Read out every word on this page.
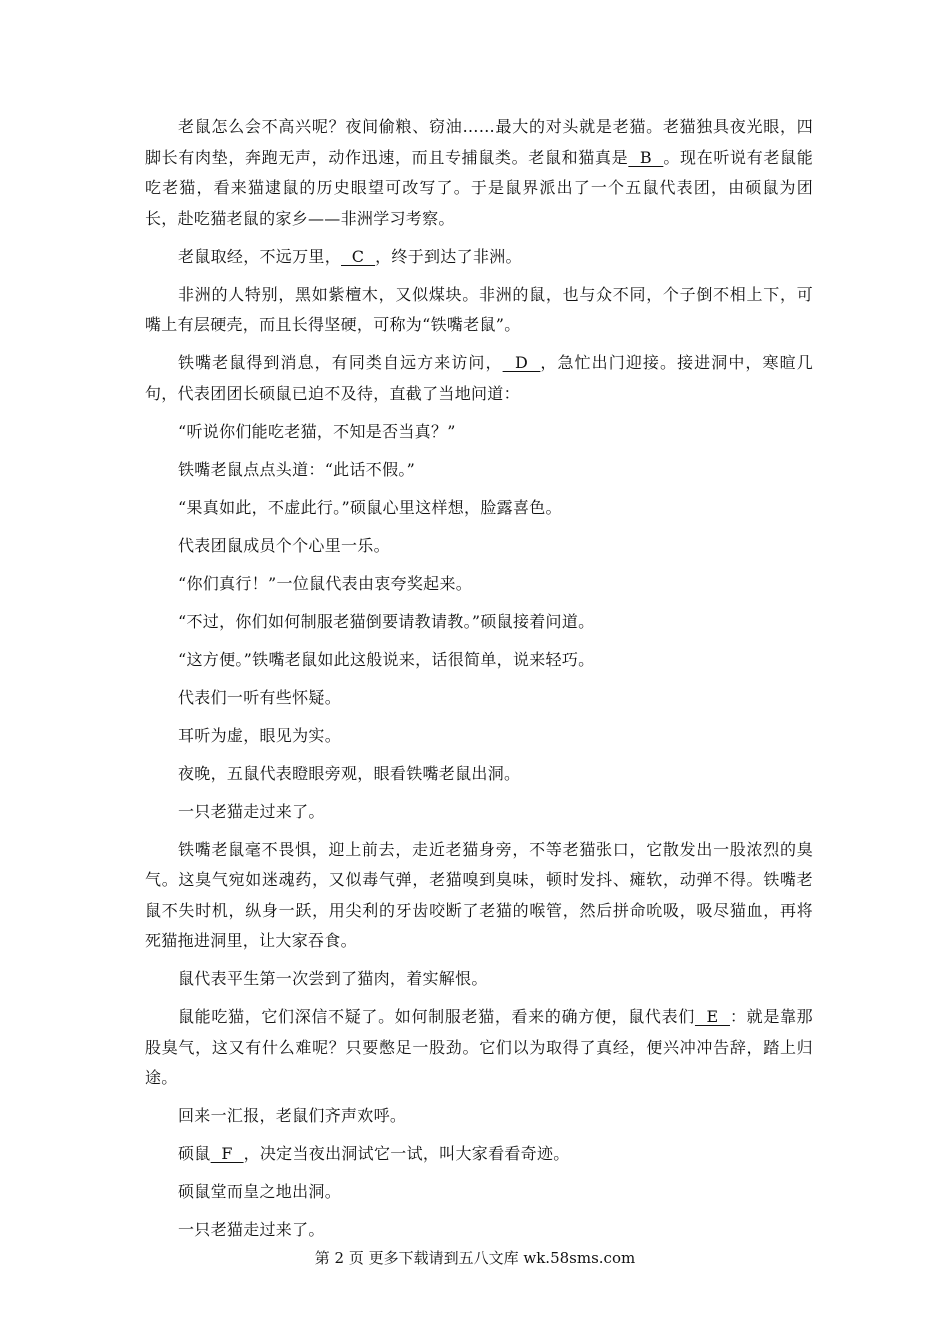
老鼠怎么会不高兴呢？夜间偷粮、窃油……最大的对头就是老猫。老猫独具夜光眼，四脚长有肉垫，奔跑无声，动作迅速，而且专捕鼠类。老鼠和猫真是  B  。现在听说有老鼠能吃老猫，看来猫逮鼠的历史眼望可改写了。于是鼠界派出了一个五鼠代表团，由硕鼠为团长，赴吃猫老鼠的家乡——非洲学习考察。

老鼠取经，不远万里，  C  ，终于到达了非洲。

非洲的人特别，黑如紫檀木，又似煤块。非洲的鼠，也与众不同，个子倒不相上下，可嘴上有层硬壳，而且长得坚硬，可称为“铁嘴老鼠”。

铁嘴老鼠得到消息，有同类自远方来访问，  D  ，急忙出门迎接。接进洞中，寒暄几句，代表团团长硕鼠已迫不及待，直截了当地问道：

“听说你们能吃老猫，不知是否当真？”

铁嘴老鼠点点头道：“此话不假。”

“果真如此，不虚此行。”硕鼠心里这样想，脸露喜色。

代表团鼠成员个个心里一乐。

“你们真行！”一位鼠代表由衷夸奖起来。

“不过，你们如何制服老猫倒要请教请教。”硕鼠接着问道。

“这方便。”铁嘴老鼠如此这般说来，话很简单，说来轻巧。

代表们一听有些怀疑。

耳听为虚，眼见为实。

夜晚，五鼠代表瞪眼旁观，眼看铁嘴老鼠出洞。

一只老猫走过来了。

铁嘴老鼠毫不畏惧，迎上前去，走近老猫身旁，不等老猫张口，它散发出一股浓烈的臭气。这臭气宛如迷魂药，又似毒气弹，老猫嗅到臭味，顿时发抖、瘫软，动弹不得。铁嘴老鼠不失时机，纵身一跃，用尖利的牙齿咬断了老猫的喉管，然后拼命吮吸，吸尽猫血，再将死猫拖进洞里，让大家吞食。

鼠代表平生第一次尝到了猫肉，着实解恨。

鼠能吃猫，它们深信不疑了。如何制服老猫，看来的确方便，鼠代表们  E  ：就是靠那股臭气，这又有什么难呢？只要憋足一股劲。它们以为取得了真经，便兴冲冲告辞，踏上归途。

回来一汇报，老鼠们齐声欢呼。

硕鼠  F  ，决定当夜出洞试它一试，叫大家看看奇迹。

硕鼠堂而皇之地出洞。

一只老猫走过来了。

第 2 页 更多下载请到五八文库 wk.58sms.com
